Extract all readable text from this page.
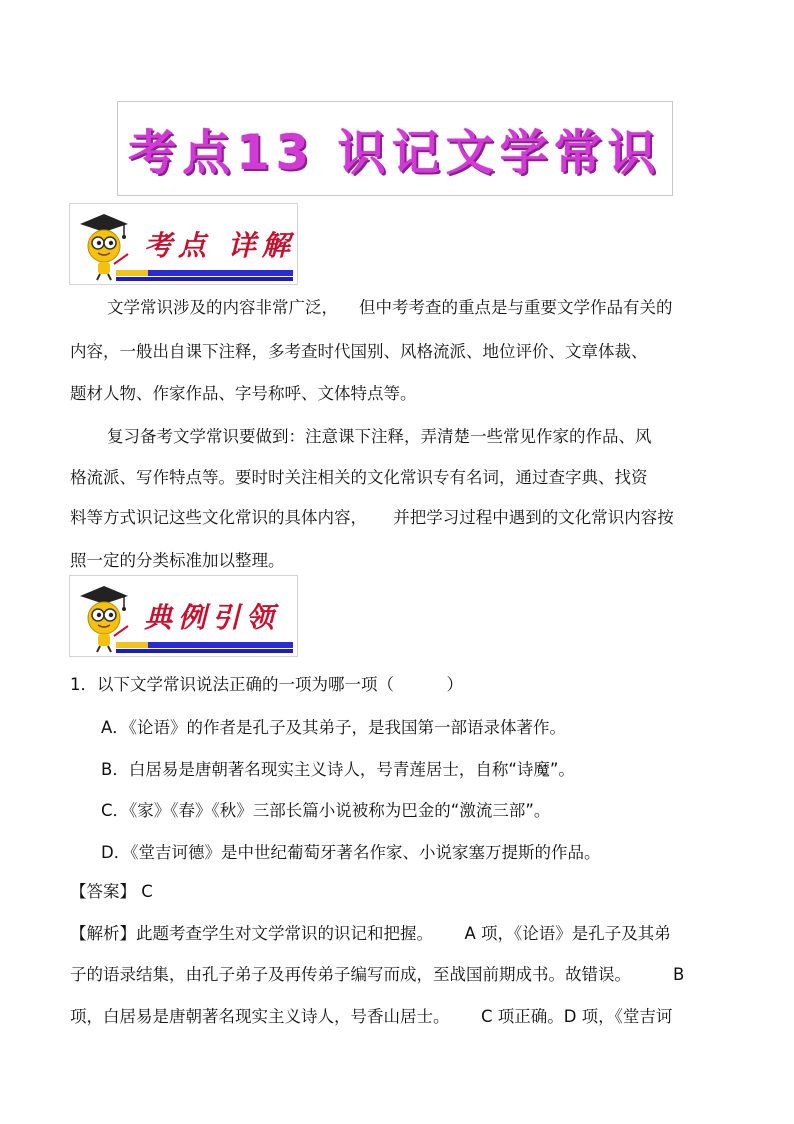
考点13 识记文学常识
考点 详解

文学常识涉及的内容非常广泛，    但中考考查的重点是与重要文学作品有关的

内容，一般出自课下注释，多考查时代国别、风格流派、地位评价、文章体裁、

题材人物、作家作品、字号称呼、文体特点等。

复习备考文学常识要做到：注意课下注释，弄清楚一些常见作家的作品、风

格流派、写作特点等。要时时关注相关的文化常识专有名词，通过查字典、找资

料等方式识记这些文化常识的具体内容，     并把学习过程中遇到的文化常识内容按

照一定的分类标准加以整理。

典例引领

1．以下文学常识说法正确的一项为哪一项（          ）

A．《论语》的作者是孔子及其弟子，是我国第一部语录体著作。

B．白居易是唐朝著名现实主义诗人，号青莲居士，自称“诗魔”。

C．《家》《春》《秋》三部长篇小说被称为巴金的“激流三部”。

D．《堂吉诃德》是中世纪葡萄牙著名作家、小说家塞万提斯的作品。

【答案】 C

【解析】此题考查学生对文学常识的识记和把握。      A 项，《论语》是孔子及其弟

子的语录结集，由孔子弟子及再传弟子编写而成，至战国前期成书。故错误。        B

项，白居易是唐朝著名现实主义诗人，号香山居士。      C 项正确。D 项，《堂吉诃
